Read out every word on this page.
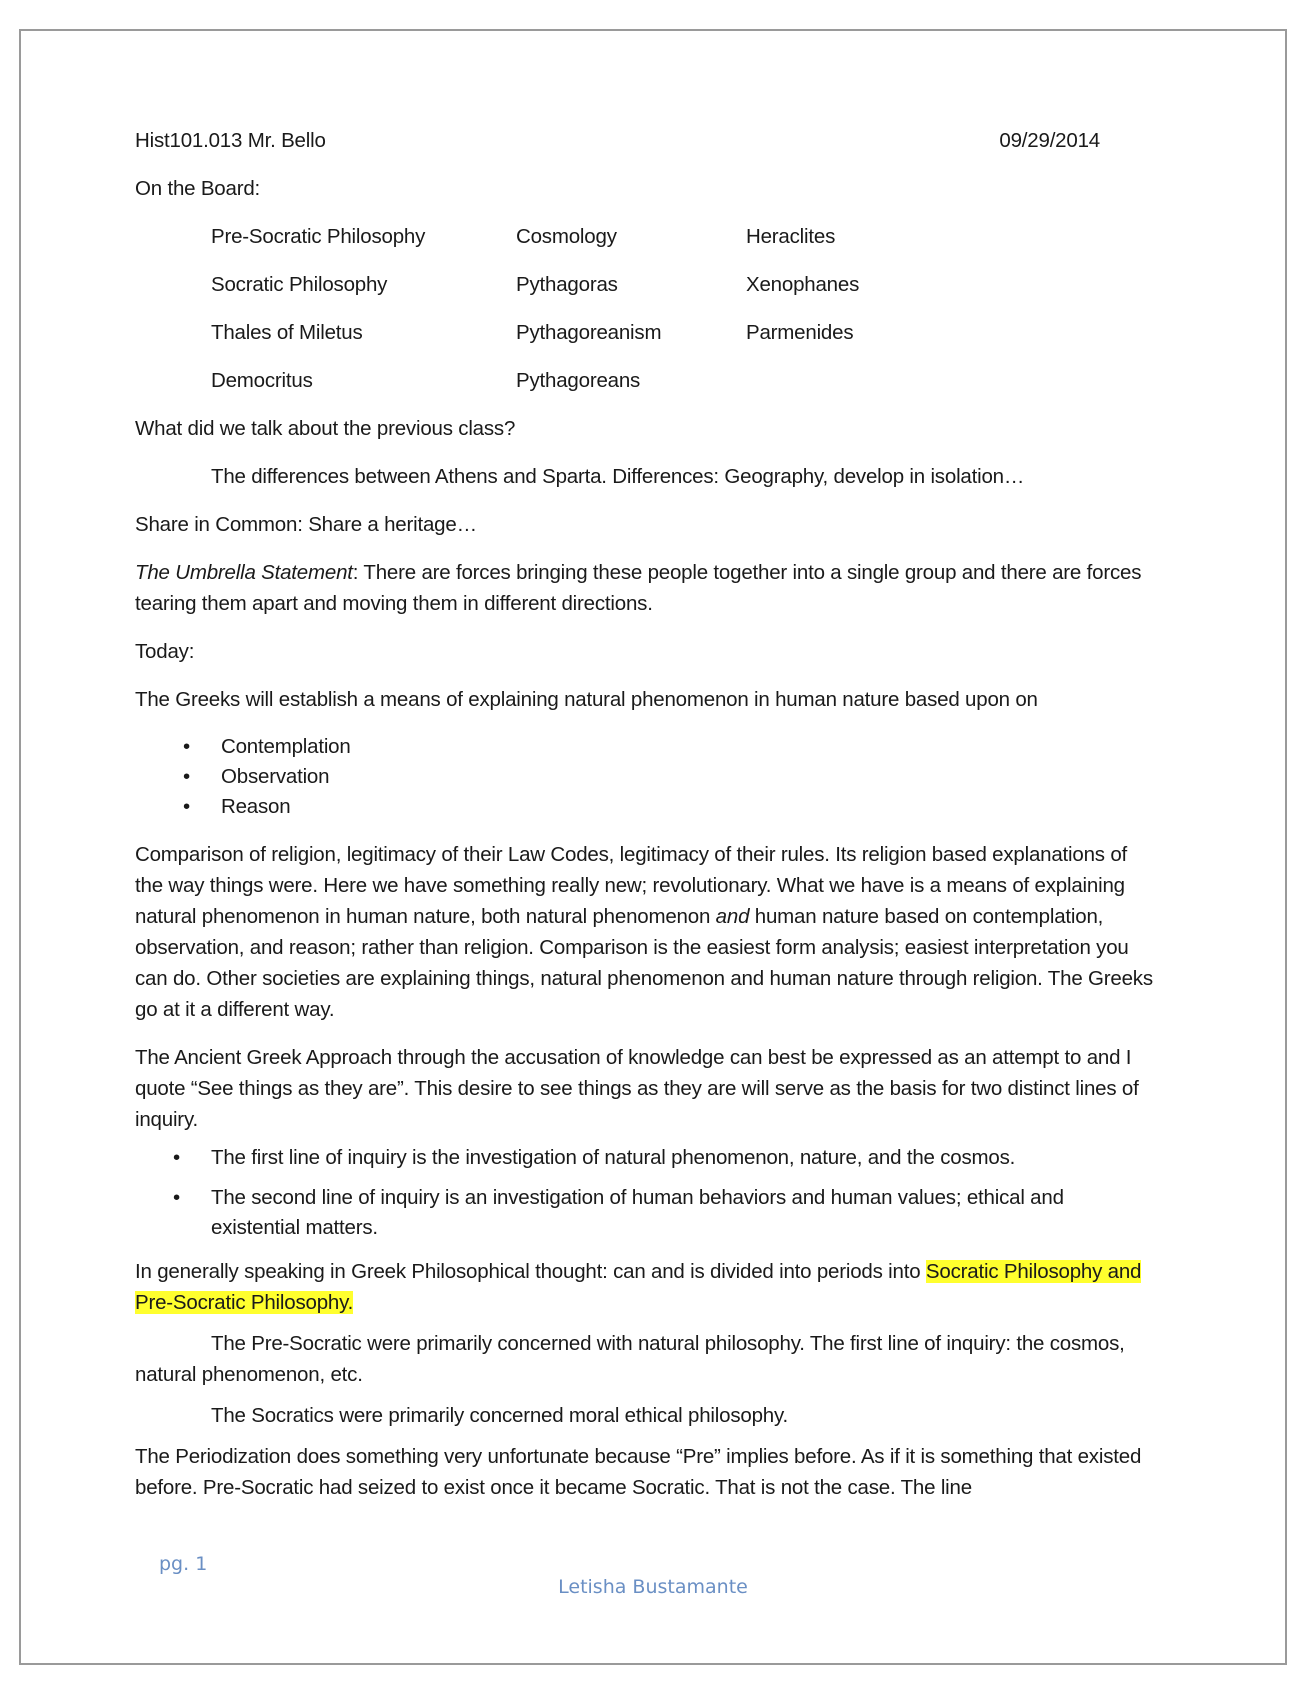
Hist101.013 Mr. Bello	09/29/2014

On the Board:

Pre-Socratic Philosophy	Cosmology	Heraclites
Socratic Philosophy	Pythagoras	Xenophanes
Thales of Miletus	Pythagoreanism	Parmenides
Democritus	Pythagoreans

What did we talk about the previous class?

The differences between Athens and Sparta. Differences: Geography, develop in isolation…

Share in Common: Share a heritage…

The Umbrella Statement: There are forces bringing these people together into a single group and there are forces tearing them apart and moving them in different directions.

Today:

The Greeks will establish a means of explaining natural phenomenon in human nature based upon on

• Contemplation
• Observation
• Reason

Comparison of religion, legitimacy of their Law Codes, legitimacy of their rules. Its religion based explanations of the way things were. Here we have something really new; revolutionary. What we have is a means of explaining natural phenomenon in human nature, both natural phenomenon and human nature based on contemplation, observation, and reason; rather than religion. Comparison is the easiest form analysis; easiest interpretation you can do. Other societies are explaining things, natural phenomenon and human nature through religion. The Greeks go at it a different way.

The Ancient Greek Approach through the accusation of knowledge can best be expressed as an attempt to and I quote “See things as they are”. This desire to see things as they are will serve as the basis for two distinct lines of inquiry.

• The first line of inquiry is the investigation of natural phenomenon, nature, and the cosmos.
• The second line of inquiry is an investigation of human behaviors and human values; ethical and existential matters.

In generally speaking in Greek Philosophical thought: can and is divided into periods into Socratic Philosophy and Pre-Socratic Philosophy.

The Pre-Socratic were primarily concerned with natural philosophy. The first line of inquiry: the cosmos, natural phenomenon, etc.

The Socratics were primarily concerned moral ethical philosophy.

The Periodization does something very unfortunate because “Pre” implies before. As if it is something that existed before. Pre-Socratic had seized to exist once it became Socratic. That is not the case. The line

pg. 1
Letisha Bustamante
